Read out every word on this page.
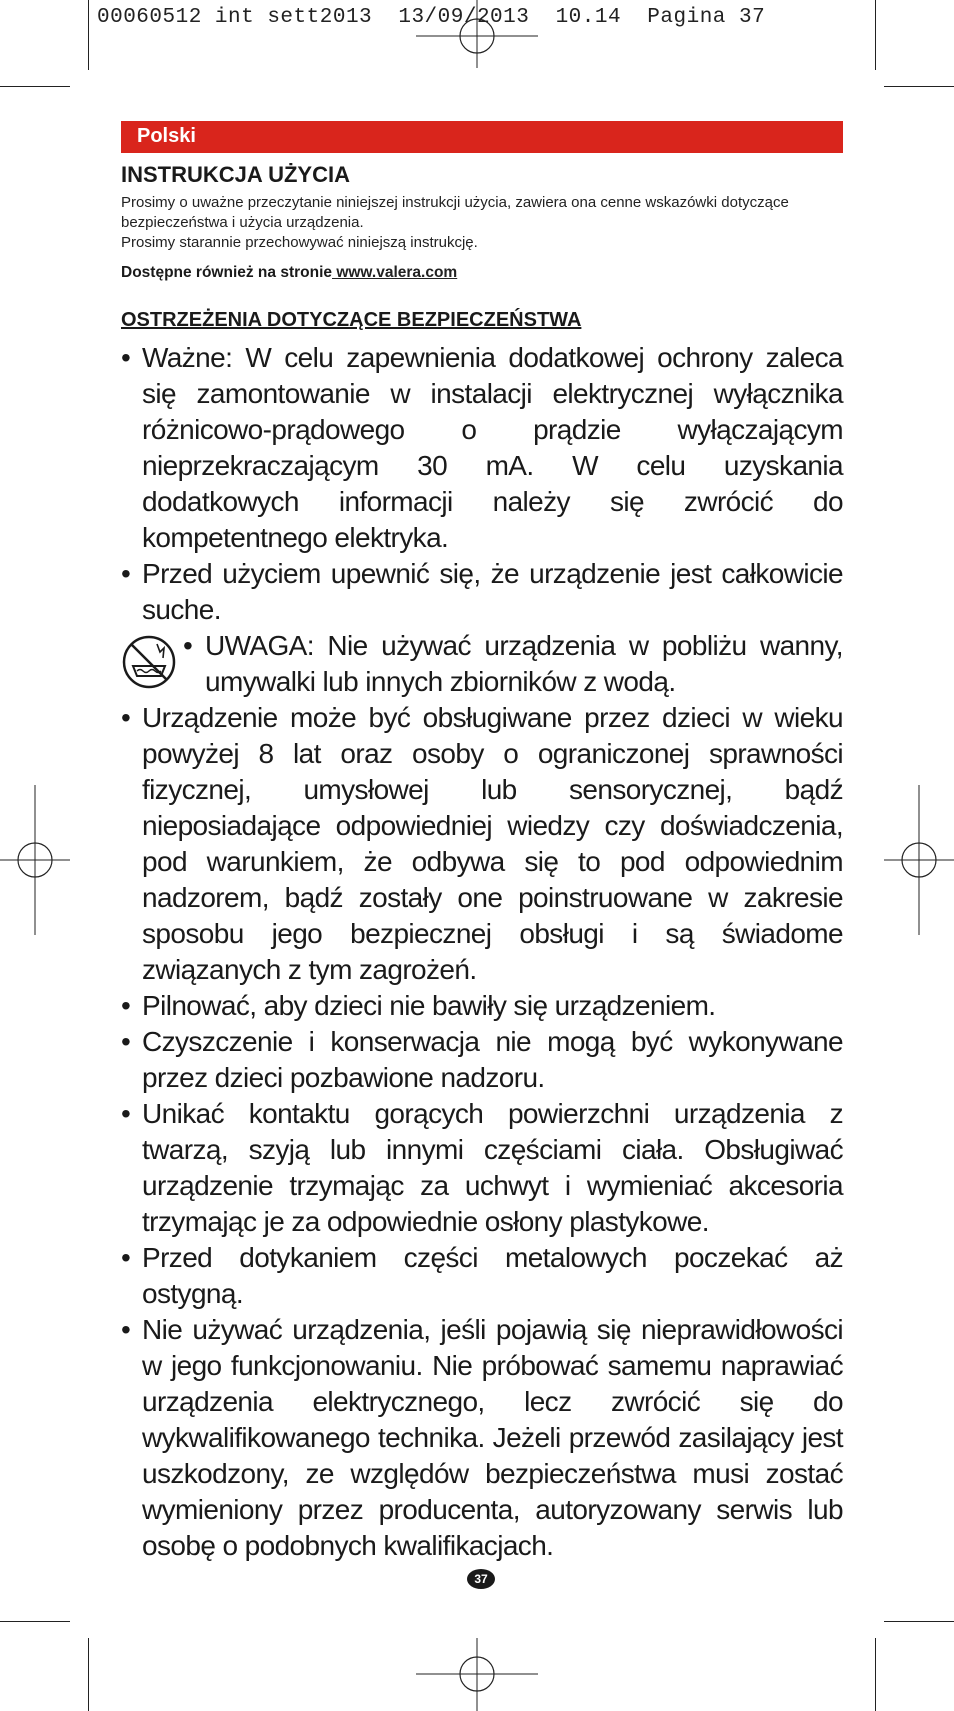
00060512 int sett2013  13/09/2013  10.14  Pagina 37
Polski
INSTRUKCJA UŻYCIA
Prosimy o uważne przeczytanie niniejszej instrukcji użycia, zawiera ona cenne wskazówki dotyczące bezpieczeństwa i użycia urządzenia.
Prosimy starannie przechowywać niniejszą instrukcję.
Dostępne również na stronie www.valera.com
OSTRZEŻENIA DOTYCZĄCE BEZPIECZEŃSTWA
• Ważne: W celu zapewnienia dodatkowej ochrony zaleca się zamontowanie w instalacji elektrycznej wyłącznika różnicowo-prądowego o prądzie wyłączającym nieprzekraczającym 30 mA. W celu uzyskania dodatkowych informacji należy się zwrócić do kompetentnego elektryka.
• Przed użyciem upewnić się, że urządzenie jest całkowicie suche.
• UWAGA: Nie używać urządzenia w pobliżu wanny, umywalki lub innych zbiorników z wodą.
• Urządzenie może być obsługiwane przez dzieci w wieku powyżej 8 lat oraz osoby o ograniczonej sprawności fizycznej, umysłowej lub sensorycznej, bądź nieposiadające odpowiedniej wiedzy czy doświadczenia, pod warunkiem, że odbywa się to pod odpowiednim nadzorem, bądź zostały one poinstruowane w zakresie sposobu jego bezpiecznej obsługi i są świadome związanych z tym zagrożeń.
• Pilnować, aby dzieci nie bawiły się urządzeniem.
• Czyszczenie i konserwacja nie mogą być wykonywane przez dzieci pozbawione nadzoru.
• Unikać kontaktu gorących powierzchni urządzenia z twarzą, szyją lub innymi częściami ciała. Obsługiwać urządzenie trzymając za uchwyt i wymieniać akcesoria trzymając je za odpowiednie osłony plastykowe.
• Przed dotykaniem części metalowych poczekać aż ostygną.
• Nie używać urządzenia, jeśli pojawią się nieprawidłowości w jego funkcjonowaniu. Nie próbować samemu naprawiać urządzenia elektrycznego, lecz zwrócić się do wykwalifikowanego technika. Jeżeli przewód zasilający jest uszkodzony, ze względów bezpieczeństwa musi zostać wymieniony przez producenta, autoryzowany serwis lub osobę o podobnych kwalifikacjach.
37
